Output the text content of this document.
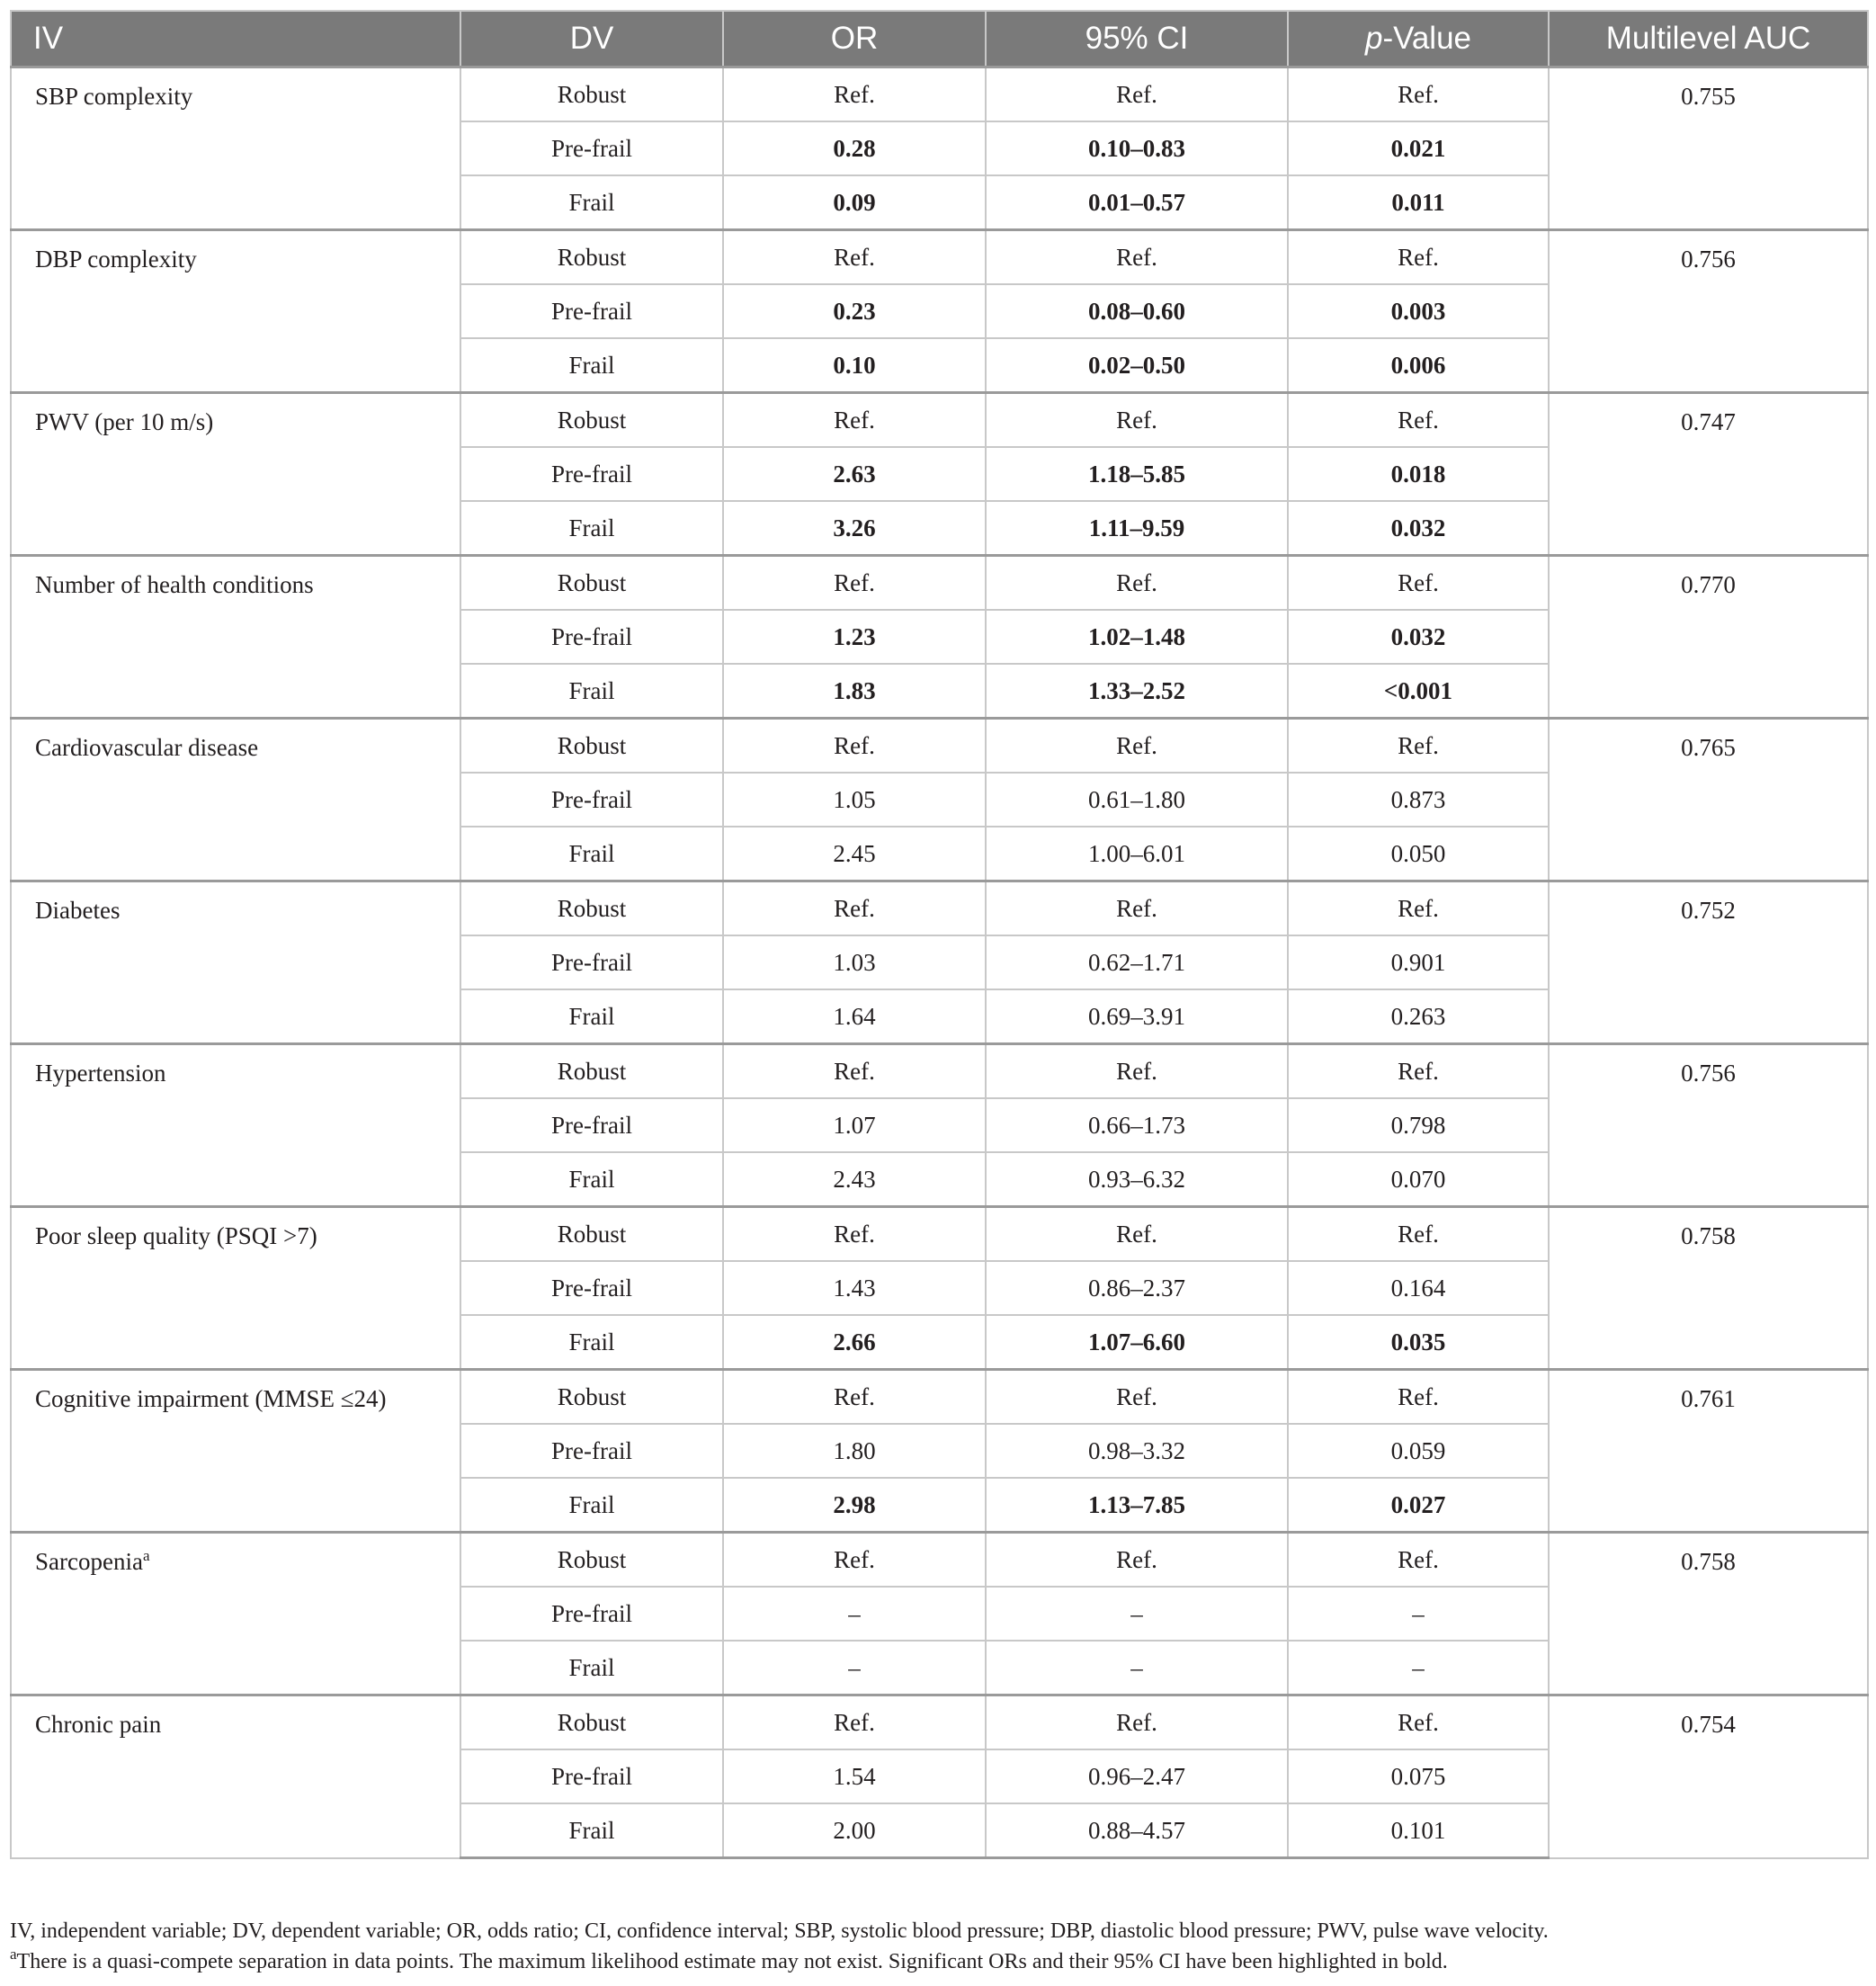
IV	DV	OR	95% CI	p-Value	Multilevel AUC
SBP complexity	Robust	Ref.	Ref.	Ref.	0.755
	Pre-frail	0.28	0.10–0.83	0.021	
	Frail	0.09	0.01–0.57	0.011	
DBP complexity	Robust	Ref.	Ref.	Ref.	0.756
	Pre-frail	0.23	0.08–0.60	0.003	
	Frail	0.10	0.02–0.50	0.006	
PWV (per 10 m/s)	Robust	Ref.	Ref.	Ref.	0.747
	Pre-frail	2.63	1.18–5.85	0.018	
	Frail	3.26	1.11–9.59	0.032	
Number of health conditions	Robust	Ref.	Ref.	Ref.	0.770
	Pre-frail	1.23	1.02–1.48	0.032	
	Frail	1.83	1.33–2.52	<0.001	
Cardiovascular disease	Robust	Ref.	Ref.	Ref.	0.765
	Pre-frail	1.05	0.61–1.80	0.873	
	Frail	2.45	1.00–6.01	0.050	
Diabetes	Robust	Ref.	Ref.	Ref.	0.752
	Pre-frail	1.03	0.62–1.71	0.901	
	Frail	1.64	0.69–3.91	0.263	
Hypertension	Robust	Ref.	Ref.	Ref.	0.756
	Pre-frail	1.07	0.66–1.73	0.798	
	Frail	2.43	0.93–6.32	0.070	
Poor sleep quality (PSQI >7)	Robust	Ref.	Ref.	Ref.	0.758
	Pre-frail	1.43	0.86–2.37	0.164	
	Frail	2.66	1.07–6.60	0.035	
Cognitive impairment (MMSE ≤24)	Robust	Ref.	Ref.	Ref.	0.761
	Pre-frail	1.80	0.98–3.32	0.059	
	Frail	2.98	1.13–7.85	0.027	
Sarcopenia$^a$	Robust	Ref.	Ref.	Ref.	0.758
	Pre-frail	–	–	–	
	Frail	–	–	–	
Chronic pain	Robust	Ref.	Ref.	Ref.	0.754
	Pre-frail	1.54	0.96–2.47	0.075	
	Frail	2.00	0.88–4.57	0.101	

IV, independent variable; DV, dependent variable; OR, odds ratio; CI, confidence interval; SBP, systolic blood pressure; DBP, diastolic blood pressure; PWV, pulse wave velocity.

$^a$There is a quasi-compete separation in data points. The maximum likelihood estimate may not exist. Significant ORs and their 95% CI have been highlighted in bold.
